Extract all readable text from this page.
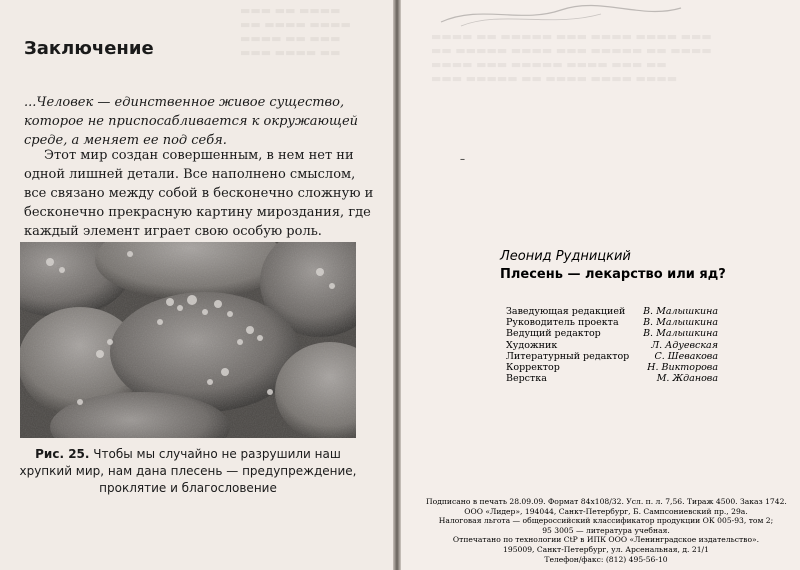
▬▬▬ ▬▬ ▬▬▬▬
▬▬ ▬▬▬▬ ▬▬▬▬
▬▬▬▬ ▬▬ ▬▬▬
▬▬▬ ▬▬▬▬ ▬▬
Заключение
...Человек — единственное живое существо, которое не приспосабливается к окружающей среде, а меняет ее под себя.
Этот мир создан совершенным, в нем нет ни одной лишней детали. Все наполнено смыслом, все связано между собой в бесконечно сложную и бесконечно прекрасную картину мироздания, где каждый элемент играет свою особую роль.
Рис. 25. Чтобы мы случайно не разрушили наш хрупкий мир, нам дана плесень — предупреждение, проклятие и благословение
▬▬▬▬ ▬▬ ▬▬▬▬▬ ▬▬▬ ▬▬▬▬ ▬▬▬▬ ▬▬▬
▬▬ ▬▬▬▬▬ ▬▬▬▬ ▬▬▬ ▬▬▬▬▬ ▬▬ ▬▬▬▬
▬▬▬▬ ▬▬▬ ▬▬▬▬▬ ▬▬▬▬ ▬▬▬ ▬▬
▬▬▬ ▬▬▬▬▬ ▬▬ ▬▬▬▬ ▬▬▬▬ ▬▬▬▬
–
Леонид Рудницкий
Плесень — лекарство или яд?
Заведующая редакцией В. Малышкина
Руководитель проекта	В. Малышкина
Ведущий редактор	В. Малышкина
Художник	Л. Адуевская
Литературный редактор	С. Шевакова
Корректор	Н. Викторова
Верстка	М. Жданова
Подписано в печать 28.09.09. Формат 84х108/32. Усл. п. л. 7,56. Тираж 4500. Заказ 1742.
ООО «Лидер», 194044, Санкт-Петербург, Б. Сампсониевский пр., 29а.
Налоговая льгота — общероссийский классификатор продукции ОК 005-93, том 2;
95 3005 — литература учебная.
Отпечатано по технологии CtP в ИПК ООО «Ленинградское издательство».
195009, Санкт-Петербург, ул. Арсенальная, д. 21/1
Телефон/факс: (812) 495-56-10
